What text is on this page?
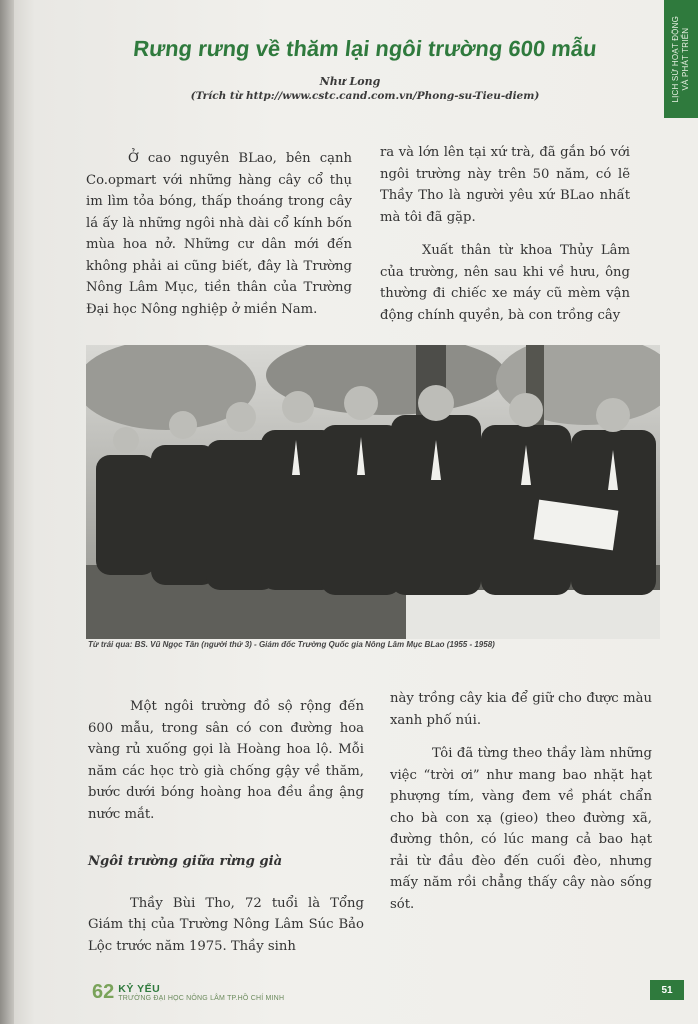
LỊCH SỬ HOẠT ĐỘNG
VÀ PHÁT TRIỂN
Rưng rưng về thăm lại ngôi trường 600 mẫu
Như Long
(Trích từ http://www.cstc.cand.com.vn/Phong-su-Tieu-diem)

Ở cao nguyên BLao, bên cạnh Co.opmart với những hàng cây cổ thụ im lìm tỏa bóng, thấp thoáng trong cây lá ấy là những ngôi nhà dài cổ kính bốn mùa hoa nở. Những cư dân mới đến không phải ai cũng biết, đây là Trường Nông Lâm Mục, tiền thân của Trường Đại học Nông nghiệp ở miền Nam.

ra và lớn lên tại xứ trà, đã gắn bó với ngôi trường này trên 50 năm, có lẽ Thầy Tho là người yêu xứ BLao nhất mà tôi đã gặp.

Xuất thân từ khoa Thủy Lâm của trường, nên sau khi về hưu, ông thường đi chiếc xe máy cũ mèm vận động chính quyền, bà con trồng cây

Từ trái qua: BS. Vũ Ngọc Tân (người thứ 3) - Giám đốc Trường Quốc gia Nông Lâm Mục BLao (1955 - 1958)

Một ngôi trường đồ sộ rộng đến 600 mẫu, trong sân có con đường hoa vàng rủ xuống gọi là Hoàng hoa lộ. Mỗi năm các học trò già chống gậy về thăm, bước dưới bóng hoàng hoa đều ầng ậng nước mắt.

Ngôi trường giữa rừng già

Thầy Bùi Tho, 72 tuổi là Tổng Giám thị của Trường Nông Lâm Súc Bảo Lộc trước năm 1975. Thầy sinh

này trồng cây kia để giữ cho được màu xanh phố núi.

Tôi đã từng theo thầy làm những việc “trời ơi” như mang bao nhặt hạt phượng tím, vàng đem về phát chẩn cho bà con xạ (gieo) theo đường xã, đường thôn, có lúc mang cả bao hạt rải từ đầu đèo đến cuối đèo, nhưng mấy năm rồi chẳng thấy cây nào sống sót.

62 KỶ YẾU
TRƯỜNG ĐẠI HỌC NÔNG LÂM TP.HỒ CHÍ MINH
51
